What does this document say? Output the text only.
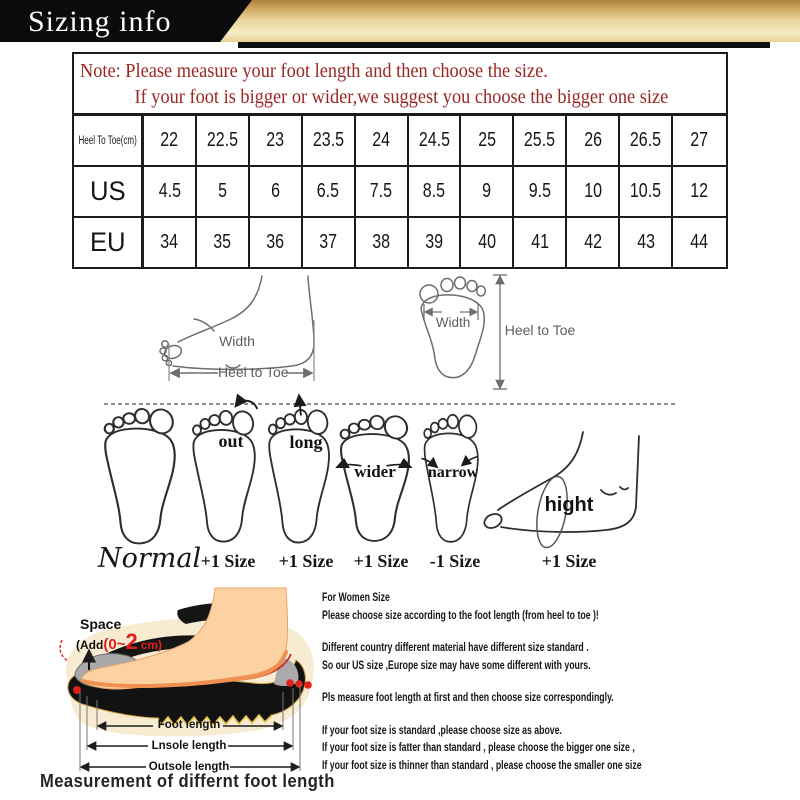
Sizing info
Note: Please measure your foot length and then choose the size.
If your foot is bigger or wider,we suggest you choose the bigger one size
Heel To Toe(cm) 22 22.5 23 23.5 24 24.5 25 25.5 26 26.5 27
US 4.5 5 6 6.5 7.5 8.5 9 9.5 10 10.5 12
EU 34 35 36 37 38 39 40 41 42 43 44
Width
Heel to Toe
Width	Heel to Toe
out	long
wider	narrow
hight
Normal +1 Size +1 Size +1 Size	-1 Size	+1 Size
Space
(Add(0~2 cm)
Foot length
Lnsole length
Outsole length
Measurement of differnt foot length
For Women Size
Please choose size according to the foot length (from heel to toe )!
Different country different material have different size standard .
So our US size ,Europe size may have some different with yours.
Pls measure foot length at first and then choose size correspondingly.
If your foot size is standard ,please choose size as above.
If your foot size is fatter than standard , please choose the bigger one size ,
If your foot size is thinner than standard , please choose the smaller one size
